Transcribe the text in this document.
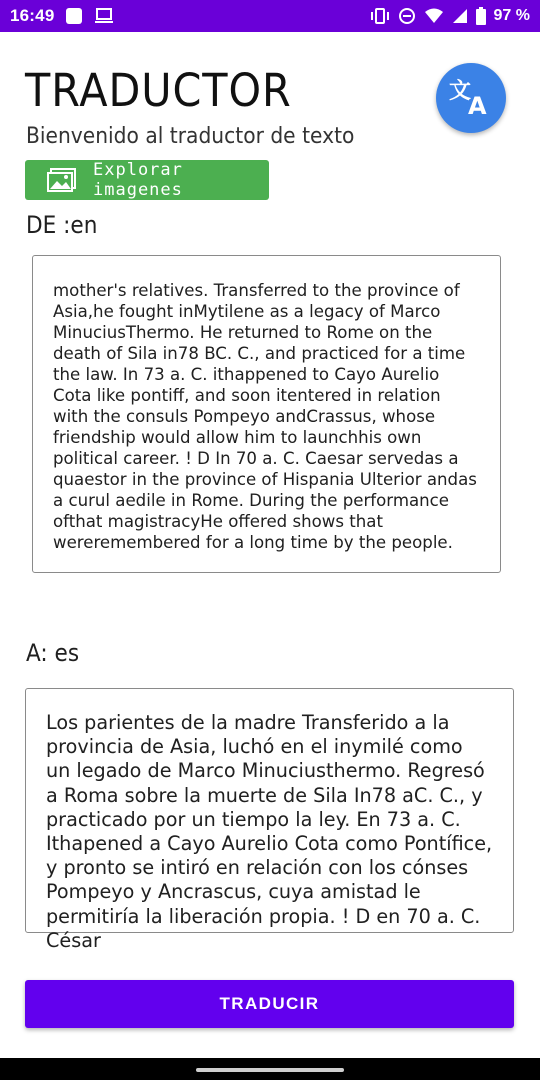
16:49	97 %
TRADUCTOR
Bienvenido al traductor de texto
文
A
Explorar imagenes
DE :en
mother's relatives. Transferred to the province of Asia,he fought inMytilene as a legacy of Marco MinuciusThermo. He returned to Rome on the death of Sila in78 BC. C., and practiced for a time the law. In 73 a. C. ithappened to Cayo Aurelio Cota like pontiff, and soon itentered in relation with the consuls Pompeyo andCrassus, whose friendship would allow him to launchhis own political career. ! D In 70 a. C. Caesar servedas a quaestor in the province of Hispania Ulterior andas a curul aedile in Rome. During the performance ofthat magistracyHe offered shows that wereremembered for a long time by the people.
A: es
Los parientes de la madre Transferido a la provincia de Asia, luchó en el inymilé como un legado de Marco Minuciusthermo. Regresó a Roma sobre la muerte de Sila In78 aC. C., y practicado por un tiempo la ley. En 73 a. C. Ithapened a Cayo Aurelio Cota como Pontífice, y pronto se intiró en relación con los cónses Pompeyo y Ancrascus, cuya amistad le permitiría la liberación propia. ! D en 70 a. C. César
TRADUCIR
